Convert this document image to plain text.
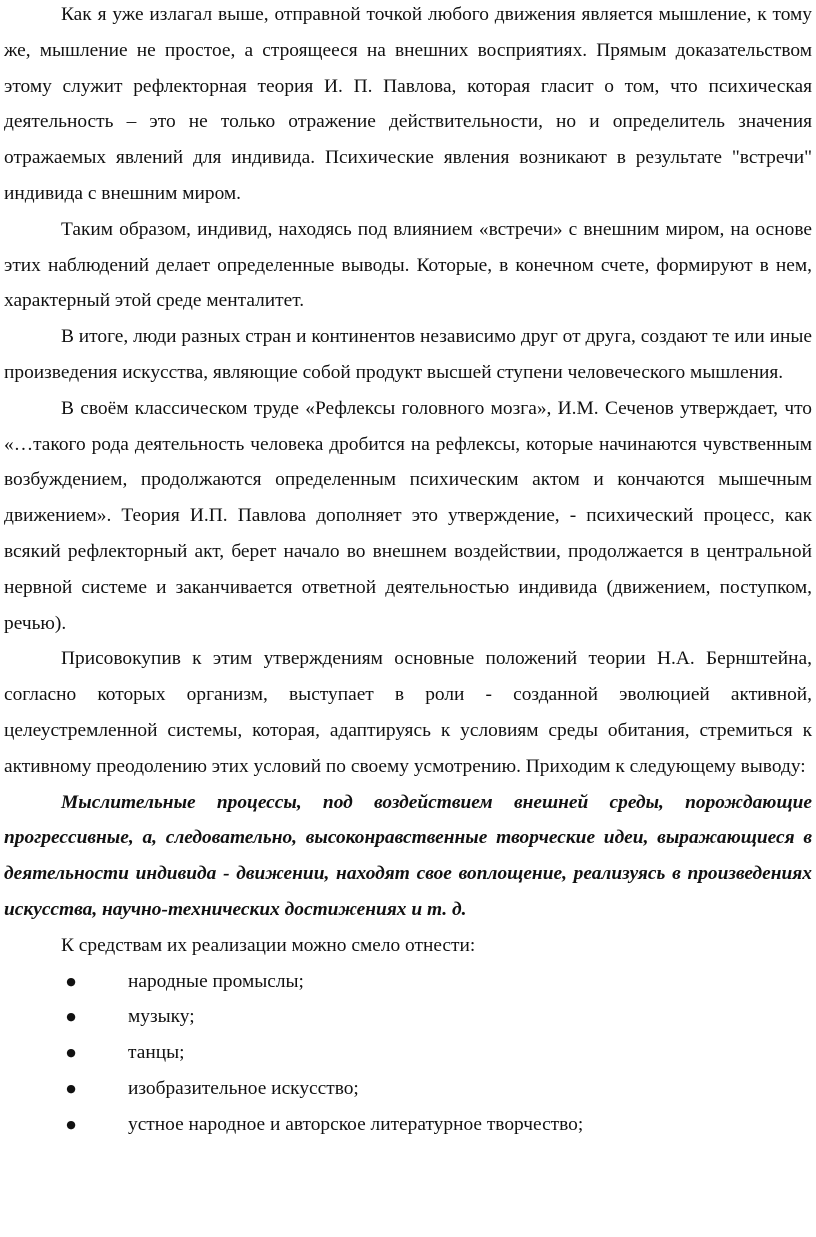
Как я уже излагал выше, отправной точкой любого движения является мышление, к тому же, мышление не простое, а строящееся на внешних восприятиях. Прямым доказательством этому служит рефлекторная теория И. П. Павлова, которая гласит о том, что психическая деятельность – это не только отражение действительности, но и определитель значения отражаемых явлений для индивида. Психические явления возникают в результате "встречи" индивида с внешним миром.

Таким образом, индивид, находясь под влиянием «встречи» с внешним миром, на основе этих наблюдений делает определенные выводы. Которые, в конечном счете, формируют в нем, характерный этой среде менталитет.

В итоге, люди разных стран и континентов независимо друг от друга, создают те или иные произведения искусства, являющие собой продукт высшей ступени человеческого мышления.

В своём классическом труде «Рефлексы головного мозга», И.М. Сеченов утверждает, что «…такого рода деятельность человека дробится на рефлексы, которые начинаются чувственным возбуждением, продолжаются определенным психическим актом и кончаются мышечным движением». Теория И.П. Павлова дополняет это утверждение, - психический процесс, как всякий рефлекторный акт, берет начало во внешнем воздействии, продолжается в центральной нервной системе и заканчивается ответной деятельностью индивида (движением, поступком, речью).

Присовокупив к этим утверждениям основные положений теории Н.А. Бернштейна, согласно которых организм, выступает в роли - созданной эволюцией активной, целеустремленной системы, которая, адаптируясь к условиям среды обитания, стремиться к активному преодолению этих условий по своему усмотрению. Приходим к следующему выводу:

Мыслительные процессы, под воздействием внешней среды, порождающие прогрессивные, а, следовательно, высоконравственные творческие идеи, выражающиеся в деятельности индивида - движении, находят свое воплощение, реализуясь в произведениях искусства, научно-технических достижениях и т. д.

К средствам их реализации можно смело отнести:

●	народные промыслы;
●	музыку;
●	танцы;
●	изобразительное искусство;
●	устное народное и авторское литературное творчество;
